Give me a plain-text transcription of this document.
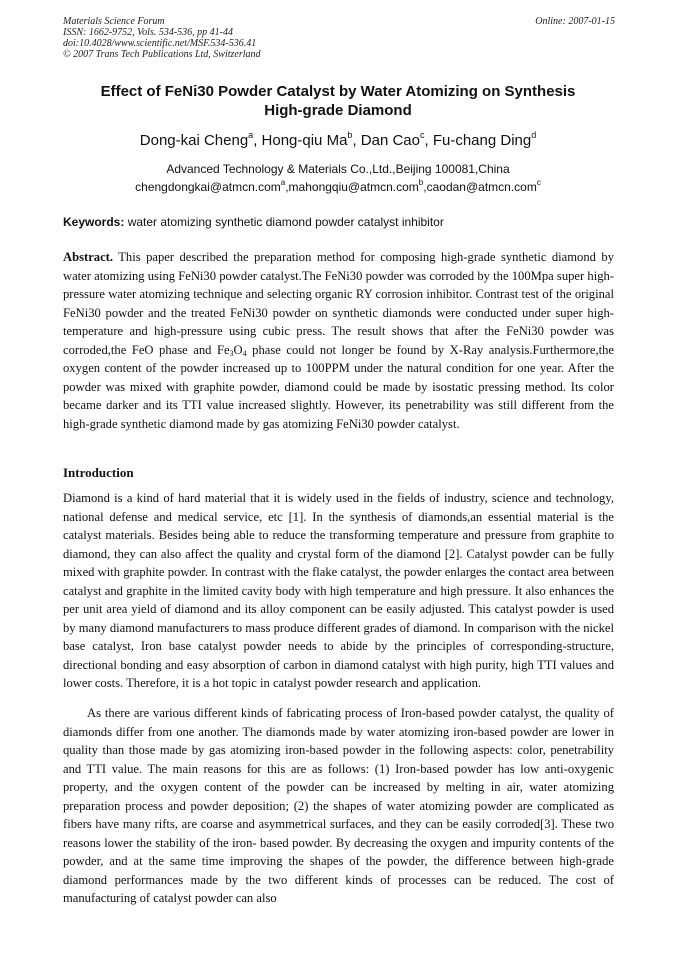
Materials Science Forum
ISSN: 1662-9752, Vols. 534-536, pp 41-44
doi:10.4028/www.scientific.net/MSF.534-536.41
© 2007 Trans Tech Publications Ltd, Switzerland
Online: 2007-01-15
Effect of FeNi30 Powder Catalyst by Water Atomizing on Synthesis
High-grade Diamond
Dong-kai Cheng$^a$, Hong-qiu Ma$^b$, Dan Cao$^c$, Fu-chang Ding$^d$
Advanced Technology & Materials Co.,Ltd.,Beijing 100081,China
chengdongkai@atmcn.com$^a$,mahongqiu@atmcn.com$^b$,caodan@atmcn.com$^c$
Keywords: water atomizing synthetic diamond powder catalyst inhibitor
Abstract. This paper described the preparation method for composing high-grade synthetic diamond by water atomizing using FeNi30 powder catalyst.The FeNi30 powder was corroded by the 100Mpa super high-pressure water atomizing technique and selecting organic RY corrosion inhibitor. Contrast test of the original FeNi30 powder and the treated FeNi30 powder on synthetic diamonds were conducted under super high-temperature and high-pressure using cubic press. The result shows that after the FeNi30 powder was corroded,the FeO phase and $Fe_3O_4$ phase could not longer be found by X-Ray analysis.Furthermore,the oxygen content of the powder increased up to 100PPM under the natural condition for one year. After the powder was mixed with graphite powder, diamond could be made by isostatic pressing method. Its color became darker and its TTI value increased slightly. However, its penetrability was still different from the high-grade synthetic diamond made by gas atomizing FeNi30 powder catalyst.
Introduction
Diamond is a kind of hard material that it is widely used in the fields of industry, science and technology, national defense and medical service, etc [1]. In the synthesis of diamonds,an essential material is the catalyst materials. Besides being able to reduce the transforming temperature and pressure from graphite to diamond, they can also affect the quality and crystal form of the diamond [2]. Catalyst powder can be fully mixed with graphite powder. In contrast with the flake catalyst, the powder enlarges the contact area between catalyst and graphite in the limited cavity body with high temperature and high pressure. It also enhances the per unit area yield of diamond and its alloy component can be easily adjusted. This catalyst powder is used by many diamond manufacturers to mass produce different grades of diamond. In comparison with the nickel base catalyst, Iron base catalyst powder needs to abide by the principles of corresponding-structure, directional bonding and easy absorption of carbon in diamond catalyst with high purity, high TTI values and lower costs. Therefore, it is a hot topic in catalyst powder research and application.
As there are various different kinds of fabricating process of Iron-based powder catalyst, the quality of diamonds differ from one another. The diamonds made by water atomizing iron-based powder are lower in quality than those made by gas atomizing iron-based powder in the following aspects: color, penetrability and TTI value. The main reasons for this are as follows: (1) Iron-based powder has low anti-oxygenic property, and the oxygen content of the powder can be increased by melting in air, water atomizing preparation process and powder deposition; (2) the shapes of water atomizing powder are complicated as fibers have many rifts, are coarse and asymmetrical surfaces, and they can be easily corroded[3]. These two reasons lower the stability of the iron- based powder. By decreasing the oxygen and impurity contents of the powder, and at the same time improving the shapes of the powder, the difference between high-grade diamond performances made by the two different kinds of processes can be reduced. The cost of manufacturing of catalyst powder can also
